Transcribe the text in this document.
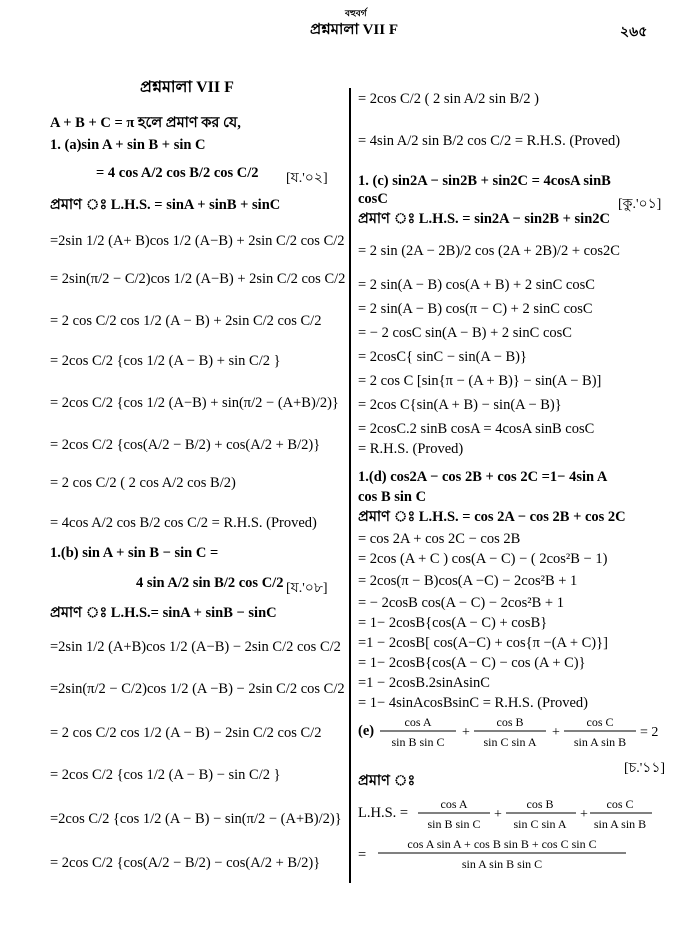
বহুবৰ্গ
প্রশ্নমালা VII F	২৬৫
প্রশ্নমালা VII F
A + B + C = π হলে প্রমাণ কর যে,
1. (a)sin A + sin B + sin C
= 4 cos A/2 cos B/2 cos C/2 [য.'০২]
প্রমাণ ঃ L.H.S. = sinA + sinB + sinC
=2sin 1/2 (A+ B)cos 1/2 (A−B) + 2sin C/2 cos C/2
= 2sin(π/2 − C/2)cos 1/2 (A−B) + 2sin C/2 cos C/2
= 2 cos C/2 cos 1/2 (A − B) + 2sin C/2 cos C/2
= 2cos C/2 {cos 1/2 (A − B) + sin C/2 }
= 2cos C/2 {cos 1/2 (A−B) + sin(π/2 − (A+B)/2)}
= 2cos C/2 {cos(A/2 − B/2) + cos(A/2 + B/2)}
= 2 cos C/2 ( 2 cos A/2 cos B/2)
= 4cos A/2 cos B/2 cos C/2 = R.H.S. (Proved)
1.(b) sin A + sin B − sin C =
4 sin A/2 sin B/2 cos C/2 [য.'০৮]
প্রমাণ ঃ L.H.S.= sinA + sinB − sinC
=2sin 1/2 (A+B)cos 1/2 (A−B) − 2sin C/2 cos C/2
=2sin(π/2 − C/2)cos 1/2 (A −B) − 2sin C/2 cos C/2
= 2 cos C/2 cos 1/2 (A − B) − 2sin C/2 cos C/2
= 2cos C/2 {cos 1/2 (A − B) − sin C/2 }
=2cos C/2 {cos 1/2 (A − B) − sin(π/2 − (A+B)/2)}
= 2cos C/2 {cos(A/2 − B/2) − cos(A/2 + B/2)}
= 2cos C/2 ( 2 sin A/2 sin B/2 )
= 4sin A/2 sin B/2 cos C/2 = R.H.S. (Proved)
1. (c) sin2A − sin2B + sin2C = 4cosA sinB
cosC	[কু.'০১]
প্রমাণ ঃ L.H.S. = sin2A − sin2B + sin2C
= 2 sin (2A − 2B)/2 cos (2A + 2B)/2 + cos2C
= 2 sin(A − B) cos(A + B) + 2 sinC cosC
= 2 sin(A − B) cos(π − C) + 2 sinC cosC
= − 2 cosC sin(A − B) + 2 sinC cosC
= 2cosC{ sinC − sin(A − B)}
= 2 cos C [sin{π − (A + B)} − sin(A − B)]
= 2cos C{sin(A + B) − sin(A − B)}
= 2cosC.2 sinB cosA = 4cosA sinB cosC
= R.H.S. (Proved)
1.(d) cos2A − cos 2B + cos 2C =1− 4sin A
cos B sin C
প্রমাণ ঃ L.H.S. = cos 2A − cos 2B + cos 2C
= cos 2A + cos 2C − cos 2B
= 2cos (A + C ) cos(A − C) − ( 2cos²B − 1)
= 2cos(π − B)cos(A −C) − 2cos²B + 1
= − 2cosB cos(A − C) − 2cos²B + 1
= 1− 2cosB{cos(A − C) + cosB}
=1 − 2cosB[ cos(A−C) + cos{π −(A + C)}]
= 1− 2cosB{cos(A − C) − cos (A + C)}
=1 − 2cosB.2sinAsinC
= 1− 4sinAcosBsinC = R.H.S. (Proved)
(e)
cos A
sin B sin C
+
cos B
sin C sin A
+
cos C
sin A sin B
= 2
[চ.'১১]
প্রমাণ ঃ
L.H.S. =
cos A
sin B sin C
+
cos B
sin C sin A
+
cos C
sin A sin B
=
cos A sin A + cos B sin B + cos C sin C
sin A sin B sin C
